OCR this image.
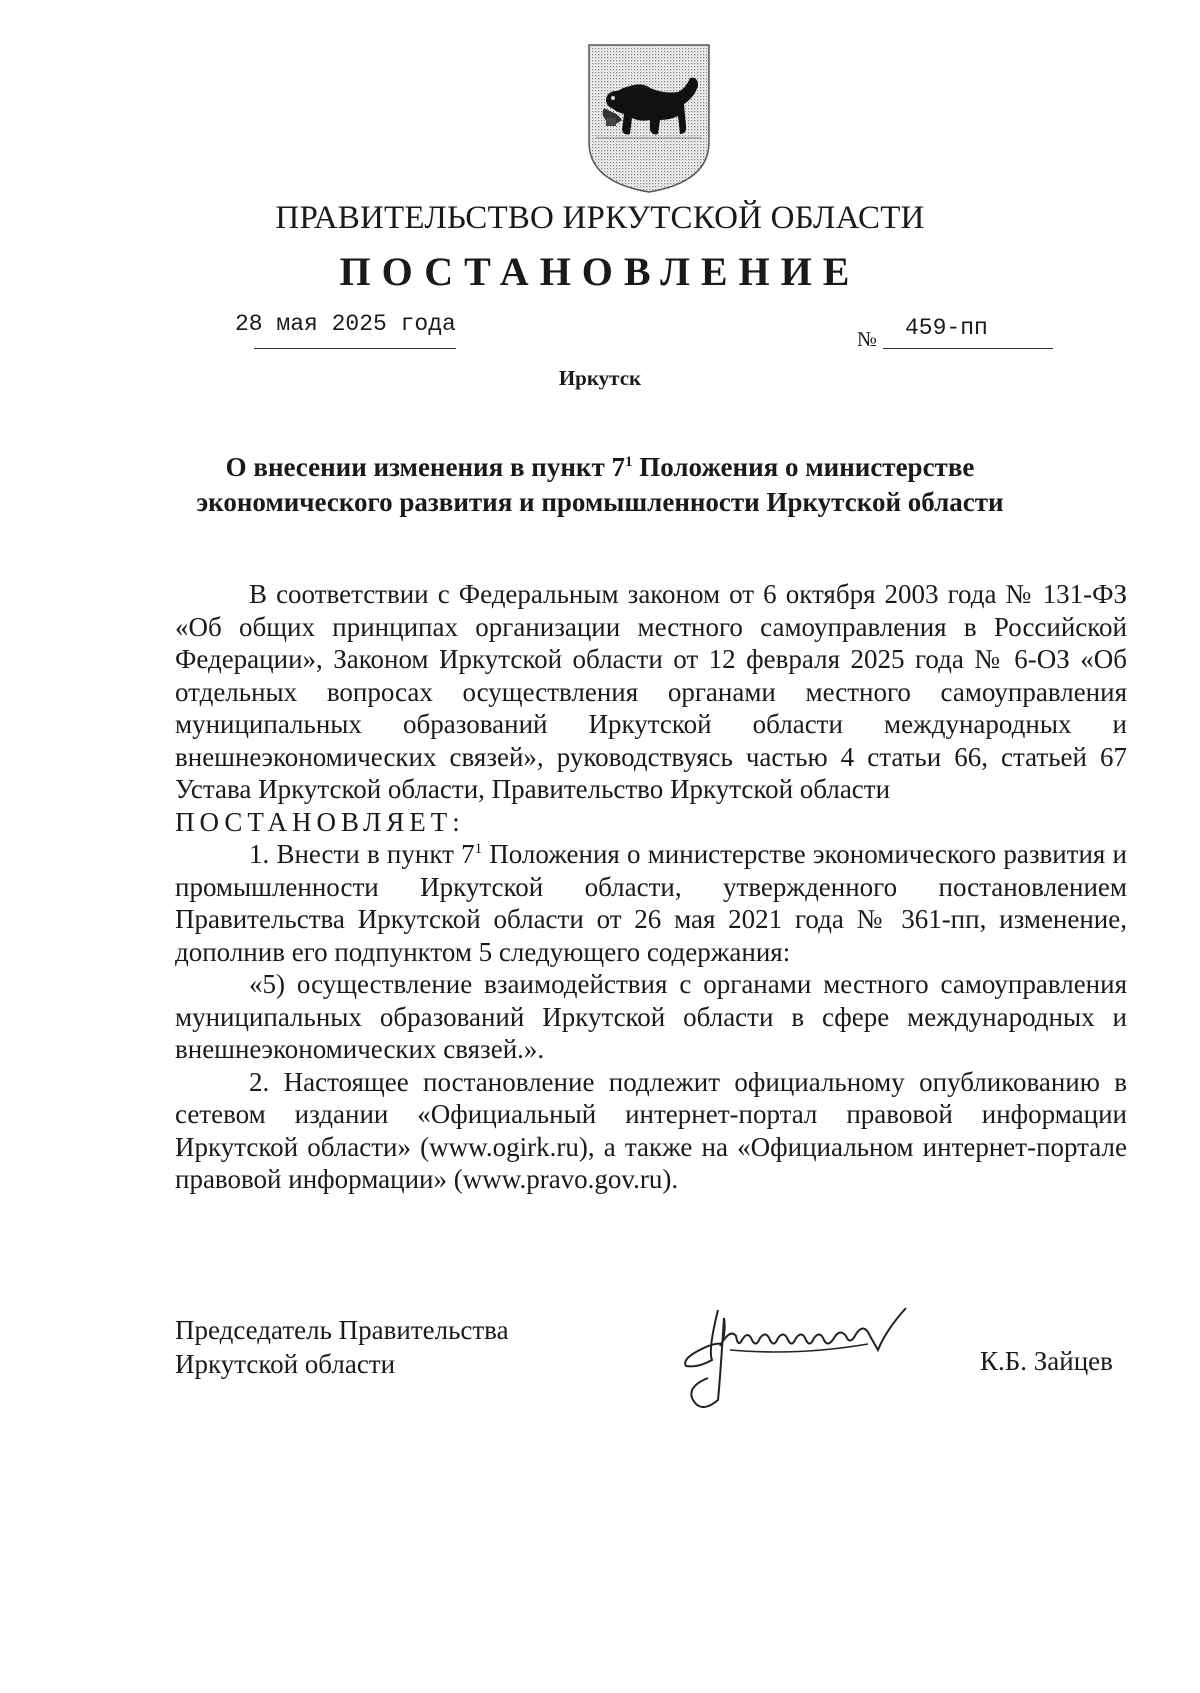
ПРАВИТЕЛЬСТВО ИРКУТСКОЙ ОБЛАСТИ
ПОСТАНОВЛЕНИЕ
28 мая 2025 года
№ 459-пп
Иркутск
О внесении изменения в пункт $7^1$ Положения о министерстве
экономического развития и промышленности Иркутской области

В соответствии с Федеральным законом от 6 октября 2003 года № 131-ФЗ «Об общих принципах организации местного самоуправления в Российской Федерации», Законом Иркутской области от 12 февраля 2025 года № 6-ОЗ «Об отдельных вопросах осуществления органами местного самоуправления муниципальных образований Иркутской области международных и внешнеэкономических связей», руководствуясь частью 4 статьи 66, статьей 67 Устава Иркутской области, Правительство Иркутской области

ПОСТАНОВЛЯЕТ:

1. Внести в пункт $7^1$ Положения о министерстве экономического развития и промышленности Иркутской области, утвержденного постановлением Правительства Иркутской области от 26 мая 2021 года № 361-пп, изменение, дополнив его подпунктом 5 следующего содержания:

«5) осуществление взаимодействия с органами местного самоуправления муниципальных образований Иркутской области в сфере международных и внешнеэкономических связей.».

2. Настоящее постановление подлежит официальному опубликованию в сетевом издании «Официальный интернет-портал правовой информации Иркутской области» (www.ogirk.ru), а также на «Официальном интернет-портале правовой информации» (www.pravo.gov.ru).

Председатель Правительства
Иркутской области	К.Б. Зайцев
